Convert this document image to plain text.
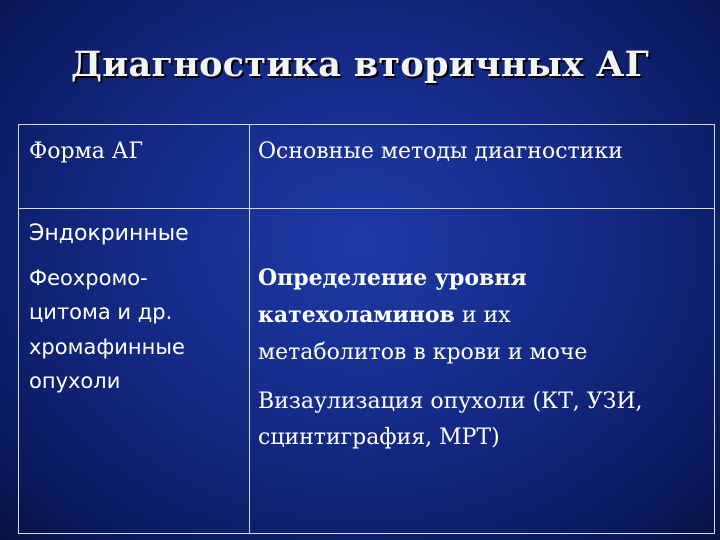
Диагностика вторичных АГ
Форма АГ	Основные методы диагностики
Эндокринные
Феохромо-
цитома и др.
хромафинные
опухоли
Определение уровня
катехоламинов и их
метаболитов в крови и моче
Визаулизация опухоли (КТ, УЗИ,
сцинтиграфия, МРТ)
